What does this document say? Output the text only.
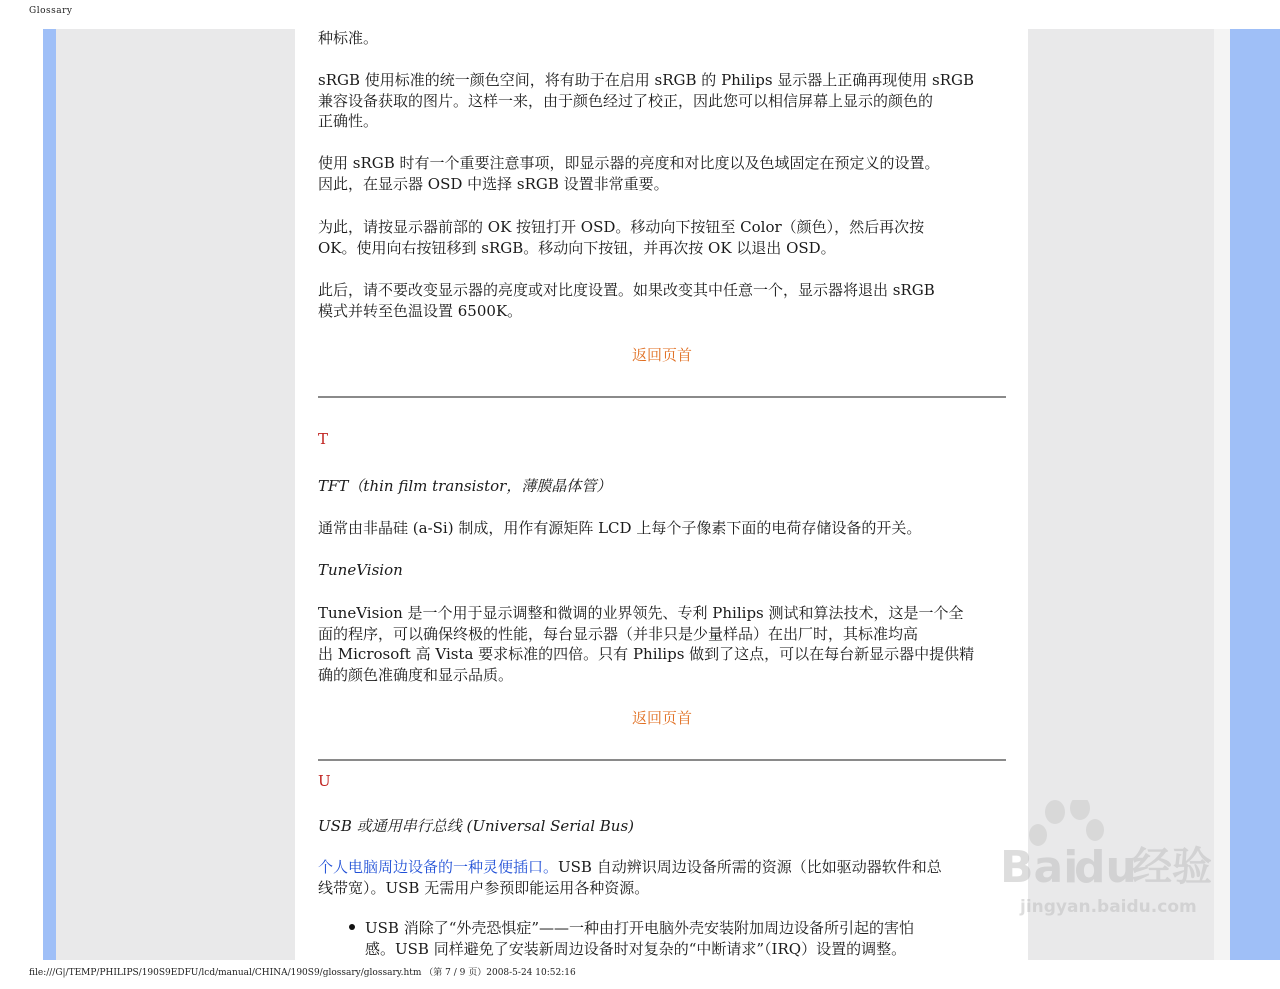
Glossary
种标准。
sRGB 使用标准的统一颜色空间，将有助于在启用 sRGB 的 Philips 显示器上正确再现使用 sRGB
兼容设备获取的图片。这样一来，由于颜色经过了校正，因此您可以相信屏幕上显示的颜色的
正确性。
使用 sRGB 时有一个重要注意事项，即显示器的亮度和对比度以及色域固定在预定义的设置。
因此，在显示器 OSD 中选择 sRGB 设置非常重要。
为此，请按显示器前部的 OK 按钮打开 OSD。移动向下按钮至 Color（颜色），然后再次按
OK。使用向右按钮移到 sRGB。移动向下按钮，并再次按 OK 以退出 OSD。
此后，请不要改变显示器的亮度或对比度设置。如果改变其中任意一个，显示器将退出 sRGB
模式并转至色温设置 6500K。
返回页首
T
TFT（thin film transistor，薄膜晶体管）
通常由非晶硅 (a-Si) 制成，用作有源矩阵 LCD 上每个子像素下面的电荷存储设备的开关。
TuneVision
TuneVision 是一个用于显示调整和微调的业界领先、专利 Philips 测试和算法技术，这是一个全
面的程序，可以确保终极的性能，每台显示器（并非只是少量样品）在出厂时，其标准均高
出 Microsoft 高 Vista 要求标准的四倍。只有 Philips 做到了这点，可以在每台新显示器中提供精
确的颜色准确度和显示品质。
返回页首
U
USB 或通用串行总线 (Universal Serial Bus)
个人电脑周边设备的一种灵便插口。USB 自动辨识周边设备所需的资源（比如驱动器软件和总
线带宽）。USB 无需用户参预即能运用各种资源。
USB 消除了“外壳恐惧症”——一种由打开电脑外壳安装附加周边设备所引起的害怕
感。USB 同样避免了安装新周边设备时对复杂的“中断请求”（IRQ）设置的调整。
file:///G|/TEMP/PHILIPS/190S9EDFU/lcd/manual/CHINA/190S9/glossary/glossary.htm （第 7 / 9 页）2008-5-24 10:52:16
Bai
du
经验
jingyan.baidu.com
